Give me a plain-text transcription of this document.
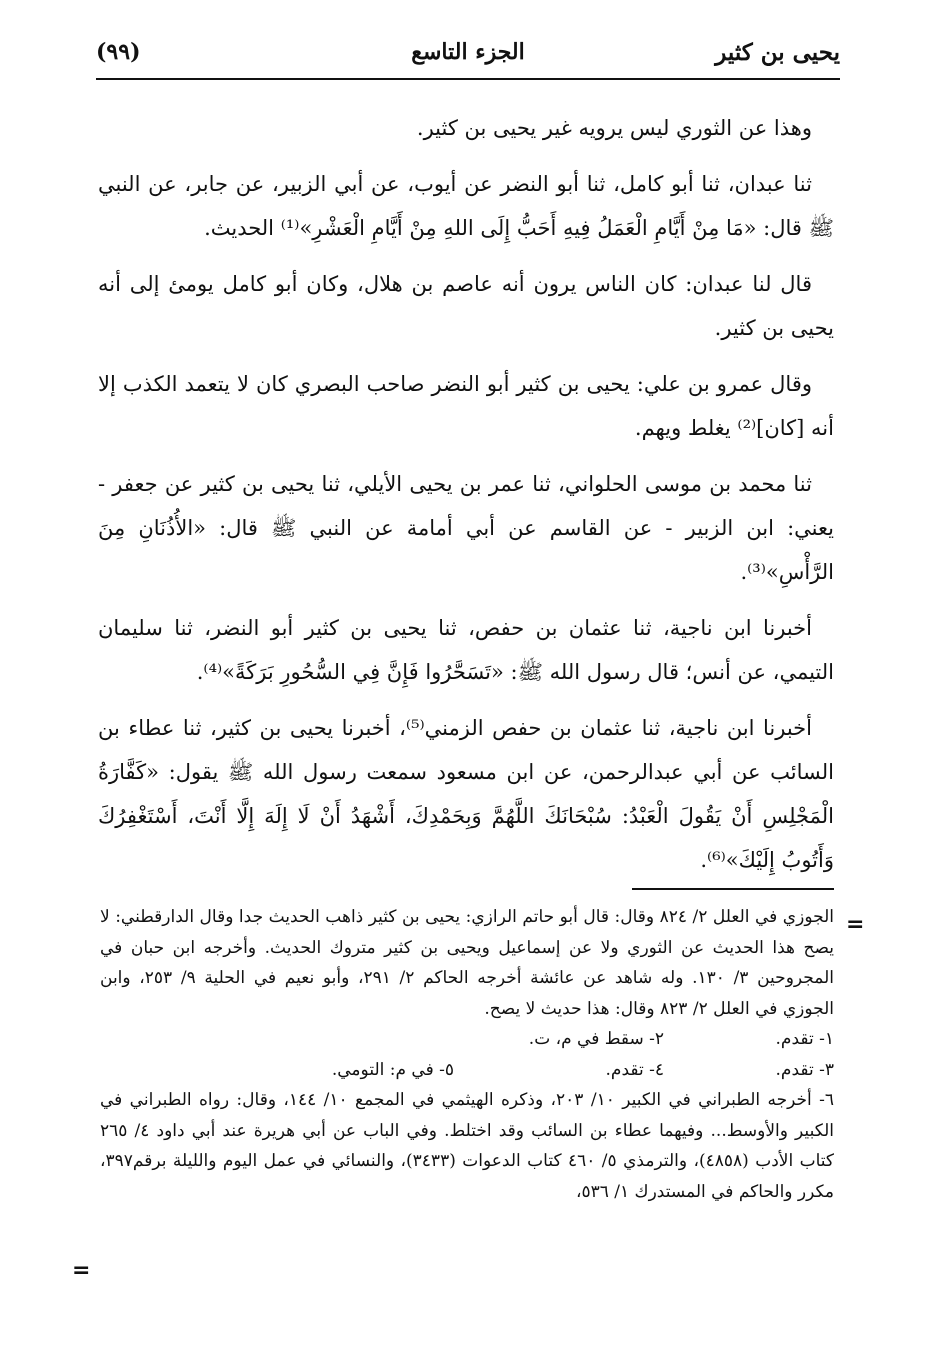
يحيى بن كثير
الجزء التاسع
(٩٩)

وهذا عن الثوري ليس يرويه غير يحيى بن كثير.

ثنا عبدان، ثنا أبو كامل، ثنا أبو النضر عن أيوب، عن أبي الزبير، عن جابر، عن النبي ﷺ قال: «مَا مِنْ أَيَّامِ الْعَمَلُ فِيهِ أَحَبُّ إِلَى اللهِ مِنْ أَيَّامِ الْعَشْرِ»⁽¹⁾ الحديث.

قال لنا عبدان: كان الناس يرون أنه عاصم بن هلال، وكان أبو كامل يومئ إلى أنه يحيى بن كثير.

وقال عمرو بن علي: يحيى بن كثير أبو النضر صاحب البصري كان لا يتعمد الكذب إلا أنه [كان]⁽²⁾ يغلط ويهم.

ثنا محمد بن موسى الحلواني، ثنا عمر بن يحيى الأيلي، ثنا يحيى بن كثير عن جعفر - يعني: ابن الزبير - عن القاسم عن أبي أمامة عن النبي ﷺ قال: «الأُذُنَانِ مِنَ الرَّأْسِ»⁽³⁾.

أخبرنا ابن ناجية، ثنا عثمان بن حفص، ثنا يحيى بن كثير أبو النضر، ثنا سليمان التيمي، عن أنس؛ قال رسول الله ﷺ: «تَسَحَّرُوا فَإِنَّ فِي السُّحُورِ بَرَكَةً»⁽⁴⁾.

أخبرنا ابن ناجية، ثنا عثمان بن حفص الزمني⁽⁵⁾، أخبرنا يحيى بن كثير، ثنا عطاء بن السائب عن أبي عبدالرحمن، عن ابن مسعود سمعت رسول الله ﷺ يقول: «كَفَّارَةُ الْمَجْلِسِ أَنْ يَقُولَ الْعَبْدُ: سُبْحَانَكَ اللَّهُمَّ وَبِحَمْدِكَ، أَشْهَدُ أَنْ لَا إِلَهَ إِلَّا أَنْتَ، أَسْتَغْفِرُكَ وَأَتُوبُ إِلَيْكَ»⁽⁶⁾.

=

الجوزي في العلل ٢/ ٨٢٤ وقال: قال أبو حاتم الرازي: يحيى بن كثير ذاهب الحديث جدا وقال الدارقطني: لا يصح هذا الحديث عن الثوري ولا عن إسماعيل ويحيى بن كثير متروك الحديث. وأخرجه ابن حبان في المجروحين ٣/ ١٣٠. وله شاهد عن عائشة أخرجه الحاكم ٢/ ٢٩١، وأبو نعيم في الحلية ٩/ ٢٥٣، وابن الجوزي في العلل ٢/ ٨٢٣ وقال: هذا حديث لا يصح.

١- تقدم.
٢- سقط في م، ت.
٣- تقدم.
٤- تقدم.
٥- في م: التومي.

٦- أخرجه الطبراني في الكبير ١٠/ ٢٠٣، وذكره الهيثمي في المجمع ١٠/ ١٤٤، وقال: رواه الطبراني في الكبير والأوسط... وفيهما عطاء بن السائب وقد اختلط. وفي الباب عن أبي هريرة عند أبي داود ٤/ ٢٦٥ كتاب الأدب (٤٨٥٨)، والترمذي ٥/ ٤٦٠ كتاب الدعوات (٣٤٣٣)، والنسائي في عمل اليوم والليلة برقم٣٩٧، مكرر والحاكم في المستدرك ١/ ٥٣٦،

=
